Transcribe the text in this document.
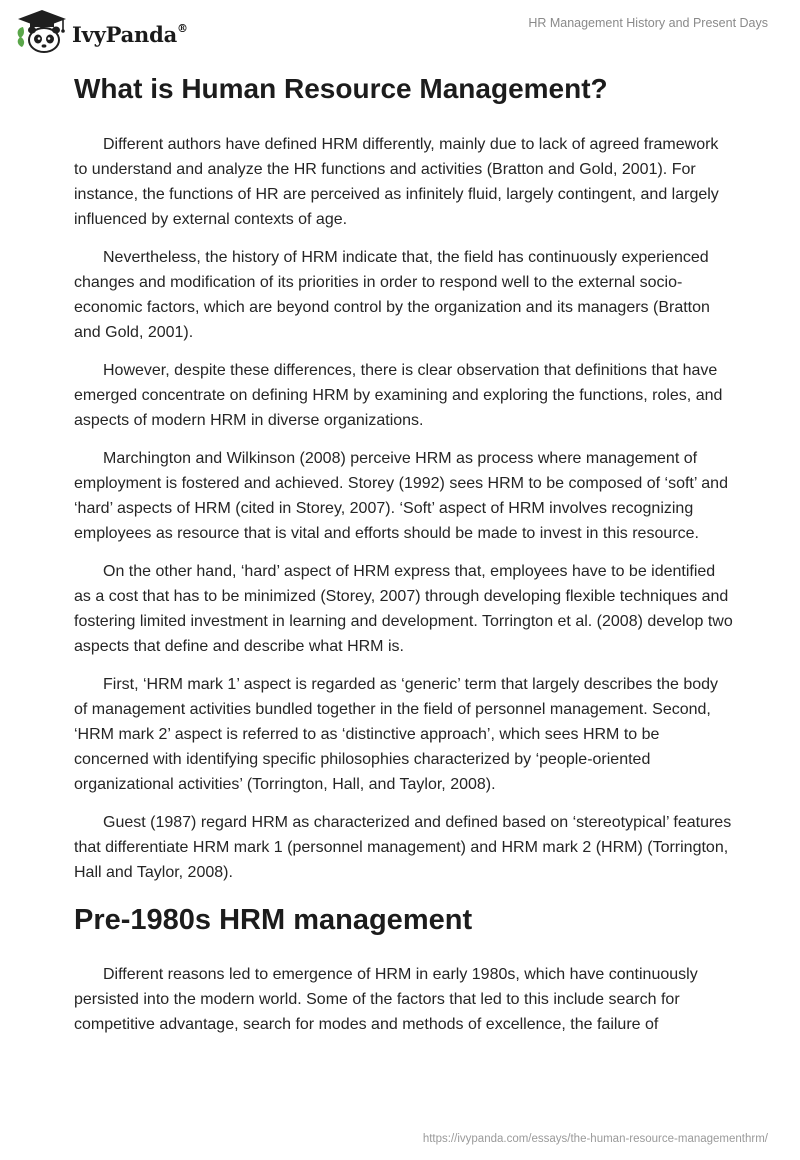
IvyPanda®	HR Management History and Present Days
What is Human Resource Management?

Different authors have defined HRM differently, mainly due to lack of agreed framework to understand and analyze the HR functions and activities (Bratton and Gold, 2001). For instance, the functions of HR are perceived as infinitely fluid, largely contingent, and largely influenced by external contexts of age.

Nevertheless, the history of HRM indicate that, the field has continuously experienced changes and modification of its priorities in order to respond well to the external socio-economic factors, which are beyond control by the organization and its managers (Bratton and Gold, 2001).

However, despite these differences, there is clear observation that definitions that have emerged concentrate on defining HRM by examining and exploring the functions, roles, and aspects of modern HRM in diverse organizations.

Marchington and Wilkinson (2008) perceive HRM as process where management of employment is fostered and achieved. Storey (1992) sees HRM to be composed of ‘soft’ and ‘hard’ aspects of HRM (cited in Storey, 2007). ‘Soft’ aspect of HRM involves recognizing employees as resource that is vital and efforts should be made to invest in this resource.

On the other hand, ‘hard’ aspect of HRM express that, employees have to be identified as a cost that has to be minimized (Storey, 2007) through developing flexible techniques and fostering limited investment in learning and development. Torrington et al. (2008) develop two aspects that define and describe what HRM is.

First, ‘HRM mark 1’ aspect is regarded as ‘generic’ term that largely describes the body of management activities bundled together in the field of personnel management. Second, ‘HRM mark 2’ aspect is referred to as ‘distinctive approach’, which sees HRM to be concerned with identifying specific philosophies characterized by ‘people-oriented organizational activities’ (Torrington, Hall, and Taylor, 2008).

Guest (1987) regard HRM as characterized and defined based on ‘stereotypical’ features that differentiate HRM mark 1 (personnel management) and HRM mark 2 (HRM) (Torrington, Hall and Taylor, 2008).

Pre-1980s HRM management

Different reasons led to emergence of HRM in early 1980s, which have continuously persisted into the modern world. Some of the factors that led to this include search for competitive advantage, search for modes and methods of excellence, the failure of

https://ivypanda.com/essays/the-human-resource-managementhrm/
